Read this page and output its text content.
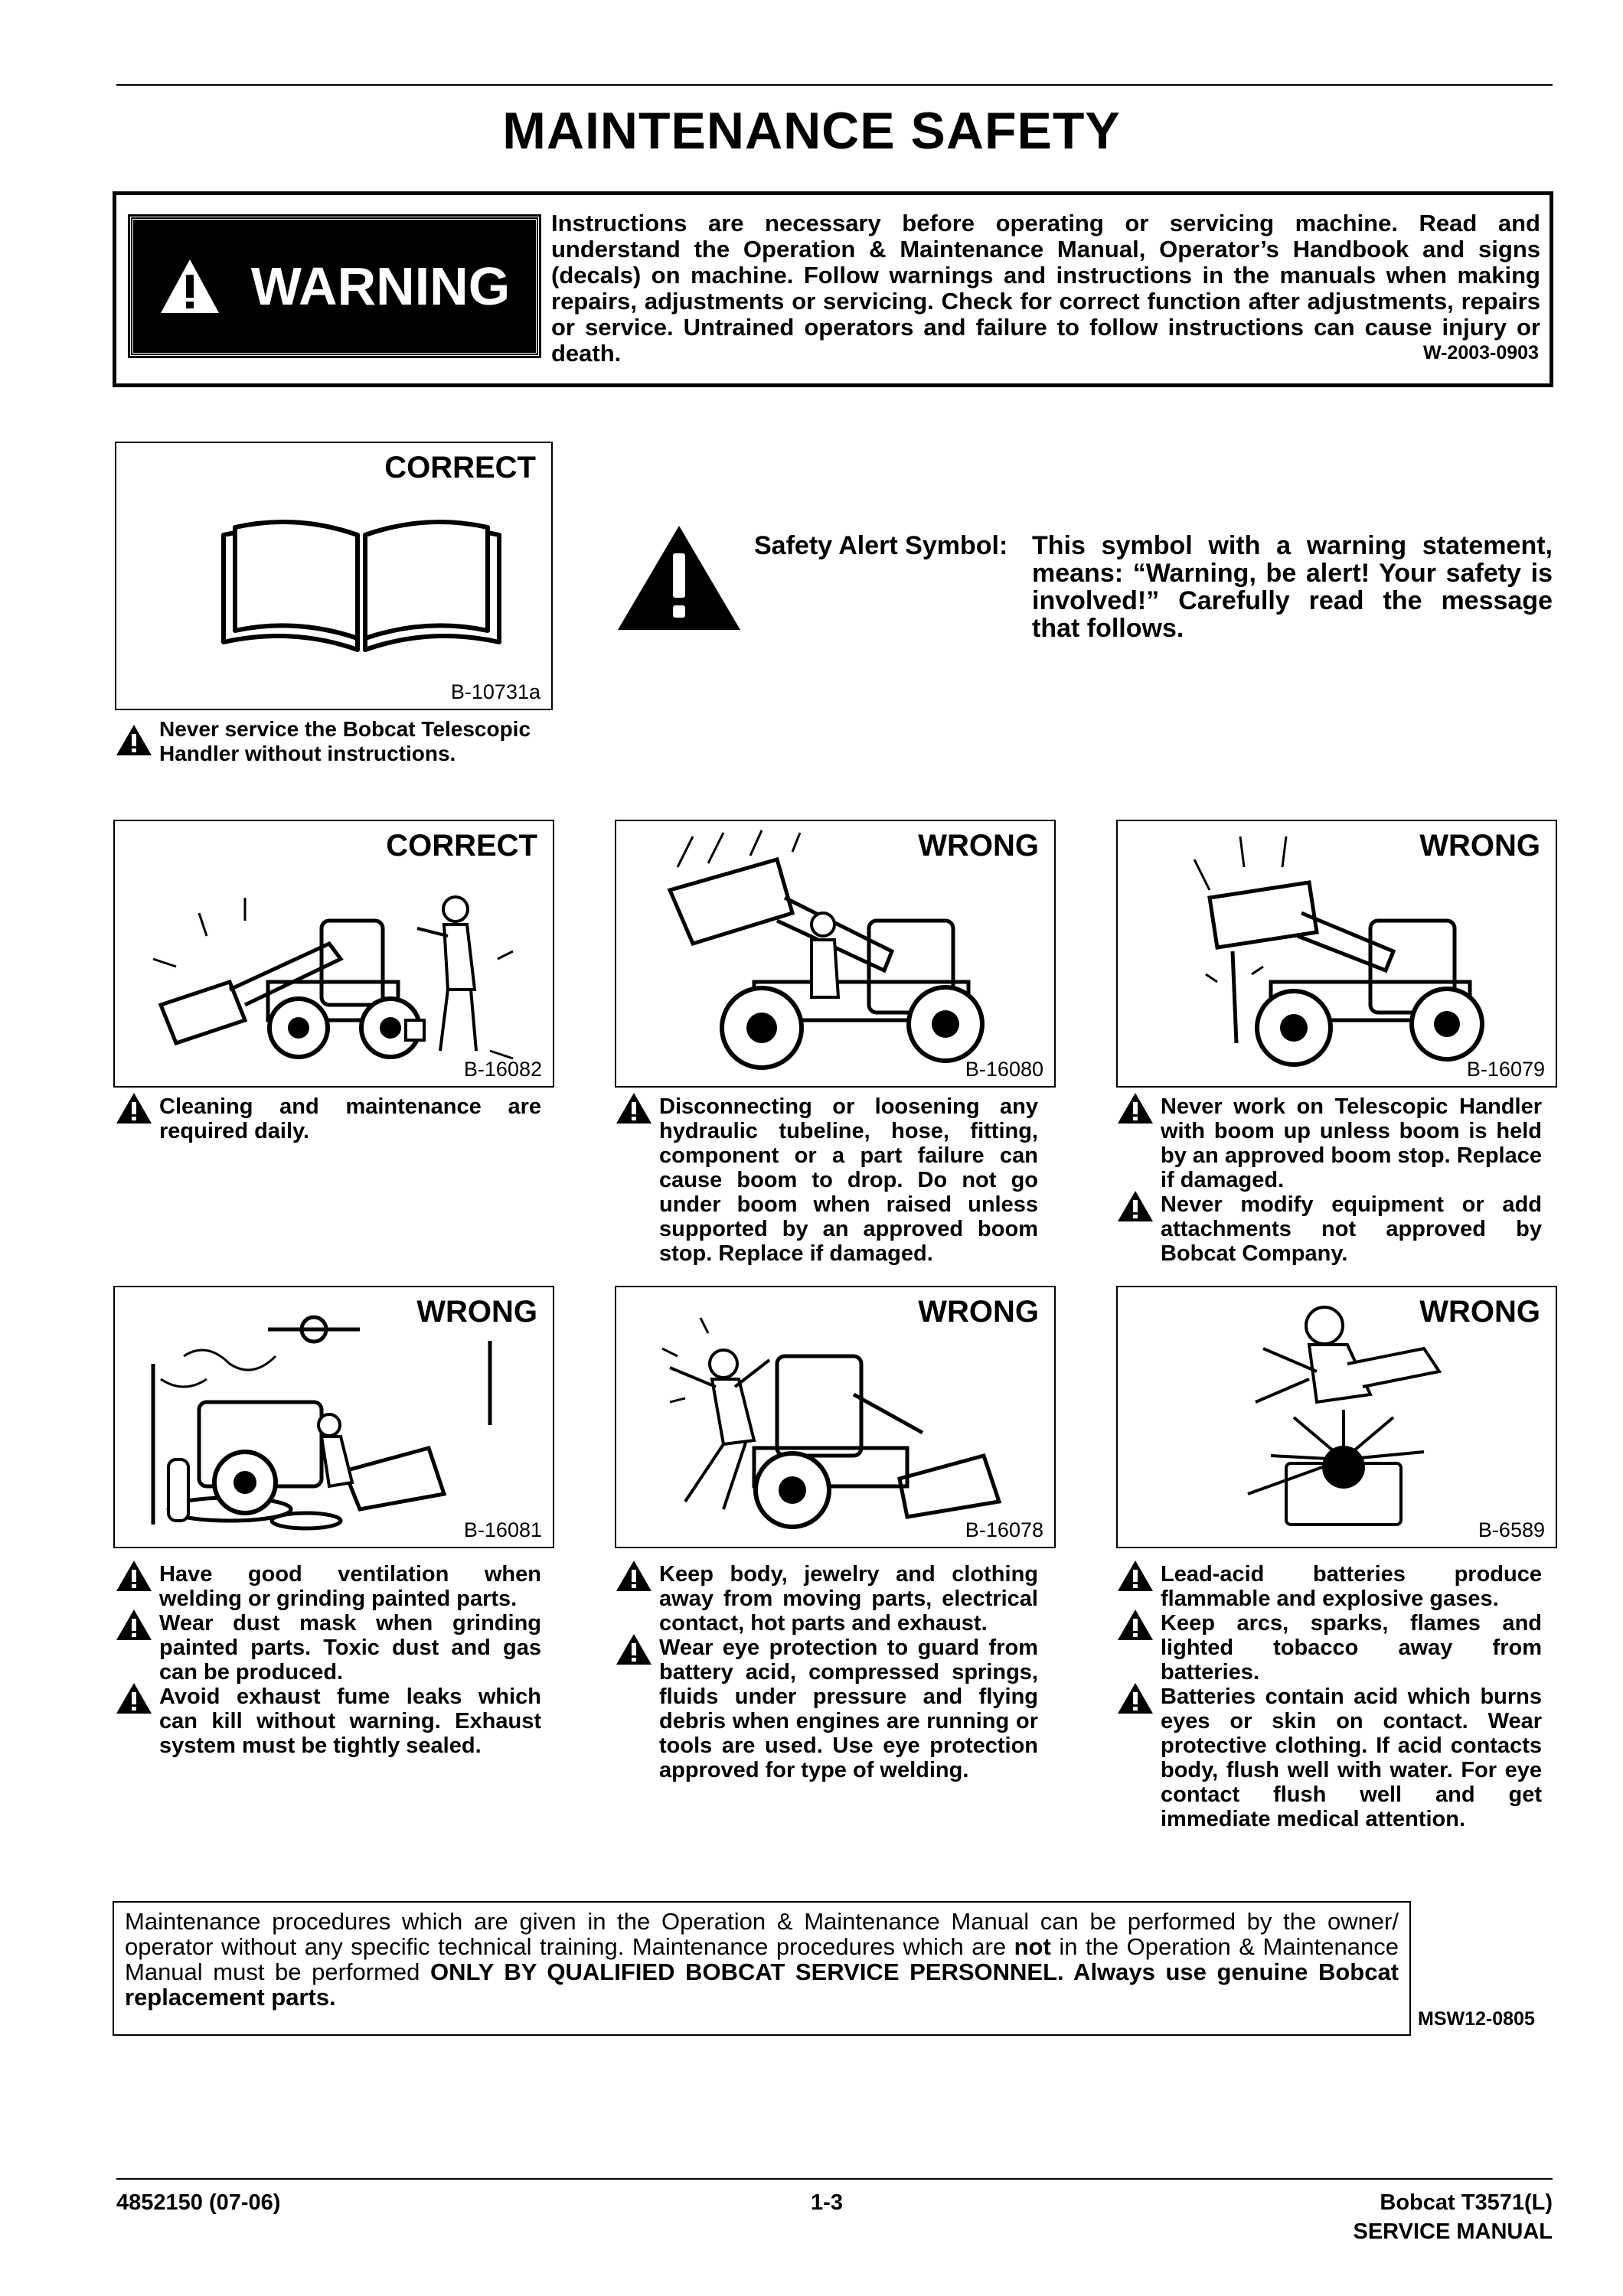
MAINTENANCE SAFETY
WARNING
Instructions are necessary before operating or servicing machine. Read and understand the Operation & Maintenance Manual, Operator’s Handbook and signs (decals) on machine. Follow warnings and instructions in the manuals when making repairs, adjustments or servicing. Check for correct function after adjustments, repairs or service. Untrained operators and failure to follow instructions can cause injury or death.	W-2003-0903
CORRECT
B-10731a
Never service the Bobcat Telescopic Handler without instructions.
Safety Alert Symbol: This symbol with a warning statement,
means: “Warning, be alert! Your safety is involved!” Carefully read the message that follows.
CORRECT
B-16082
WRONG
B-16080
WRONG
B-16079
Cleaning and maintenance are required daily.
Disconnecting or loosening any hydraulic tubeline, hose, fitting, component or a part failure can cause boom to drop. Do not go under boom when raised unless supported by an approved boom stop. Replace if damaged.
Never work on Telescopic Handler with boom up unless boom is held by an approved boom stop. Replace if damaged.
Never modify equipment or add attachments not approved by Bobcat Company.
WRONG
B-16081
WRONG
B-16078
WRONG
B-6589
Have good ventilation when welding or grinding painted parts.
Wear dust mask when grinding painted parts. Toxic dust and gas can be produced.
Avoid exhaust fume leaks which can kill without warning. Exhaust system must be tightly sealed.
Keep body, jewelry and clothing away from moving parts, electrical contact, hot parts and exhaust.
Wear eye protection to guard from battery acid, compressed springs, fluids under pressure and flying debris when engines are running or tools are used. Use eye protection approved for type of welding.
Lead-acid batteries produce flammable and explosive gases.
Keep arcs, sparks, flames and lighted tobacco away from batteries.
Batteries contain acid which burns eyes or skin on contact. Wear protective clothing. If acid contacts body, flush well with water. For eye contact flush well and get immediate medical attention.
Maintenance procedures which are given in the Operation & Maintenance Manual can be performed by the owner/ operator without any specific technical training. Maintenance procedures which are not in the Operation & Maintenance Manual must be performed ONLY BY QUALIFIED BOBCAT SERVICE PERSONNEL. Always use genuine Bobcat replacement parts.
MSW12-0805
4852150 (07-06)	1-3	Bobcat T3571(L)
SERVICE MANUAL
